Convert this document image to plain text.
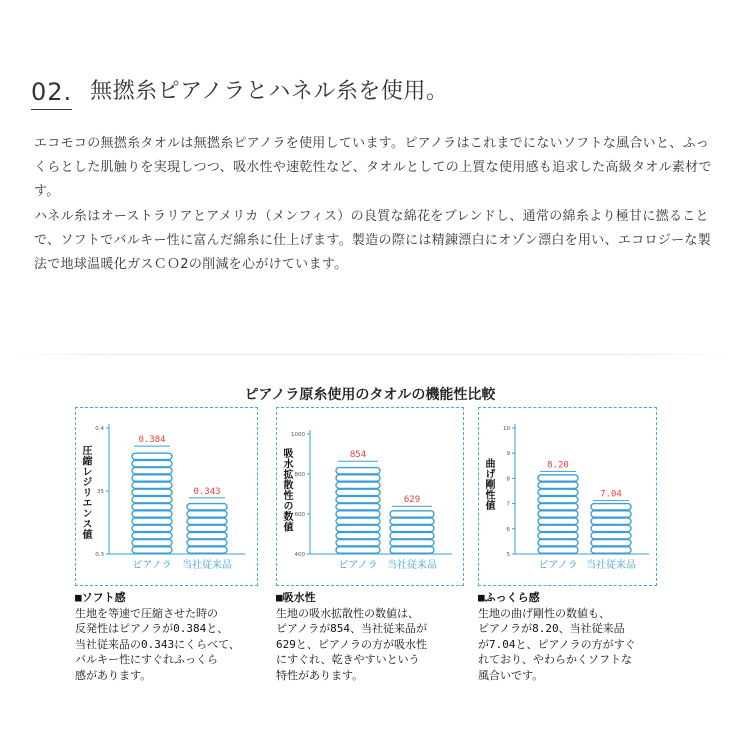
02. 無撚糸ピアノラとハネル糸を使用。

エコモコの無撚糸タオルは無撚糸ピアノラを使用しています。ピアノラはこれまでにないソフトな風合いと、ふっくらとした肌触りを実現しつつ、吸水性や速乾性など、タオルとしての上質な使用感も追求した高級タオル素材です。

ハネル糸はオーストラリアとアメリカ（メンフィス）の良質な綿花をブレンドし、通常の綿糸より極甘に撚ることで、ソフトでバルキー性に富んだ綿糸に仕上げます。製造の際には精錬漂白にオゾン漂白を用い、エコロジーな製法で地球温暖化ガスＣＯ2の削減を心がけています。

ピアノラ原糸使用のタオルの機能性比較
0.4
35
0.3
0.384
ピアノラ
0.343
当社従来品
圧縮レジリエンス値
1000
800
600
400
854
ピアノラ
629
当社従来品
吸水拡散性の数値
10
9
8
7
6
5
8.20
ピアノラ
7.04
当社従来品
曲げ剛性値
■ソフト感
生地を等速で圧縮させた時の
反発性はピアノラが0.384と、
当社従来品の0.343にくらべて、
バルキー性にすぐれふっくら
感があります。
■吸水性
生地の吸水拡散性の数値は、
ピアノラが854、当社従来品が
629と、ピアノラの方が吸水性
にすぐれ、乾きやすいという
特性があります。
■ふっくら感
生地の曲げ剛性の数値も、
ピアノラが8.20、当社従来品
が7.04と、ピアノラの方がすぐ
れており、やわらかくソフトな
風合いです。
